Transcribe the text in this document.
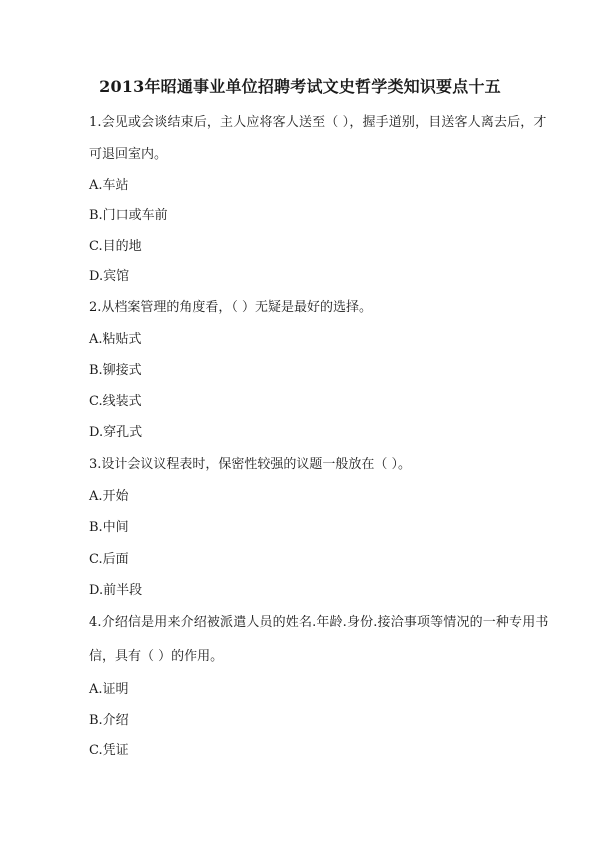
2013年昭通事业单位招聘考试文史哲学类知识要点十五
1.会见或会谈结束后，主人应将客人送至（ ），握手道别，目送客人离去后，才
可退回室内。
A.车站
B.门口或车前
C.目的地
D.宾馆
2.从档案管理的角度看，（ ）无疑是最好的选择。
A.粘贴式
B.铆接式
C.线装式
D.穿孔式
3.设计会议议程表时，保密性较强的议题一般放在（ ）。
A.开始
B.中间
C.后面
D.前半段
4.介绍信是用来介绍被派遣人员的姓名.年龄.身份.接洽事项等情况的一种专用书
信，具有（ ）的作用。
A.证明
B.介绍
C.凭证
